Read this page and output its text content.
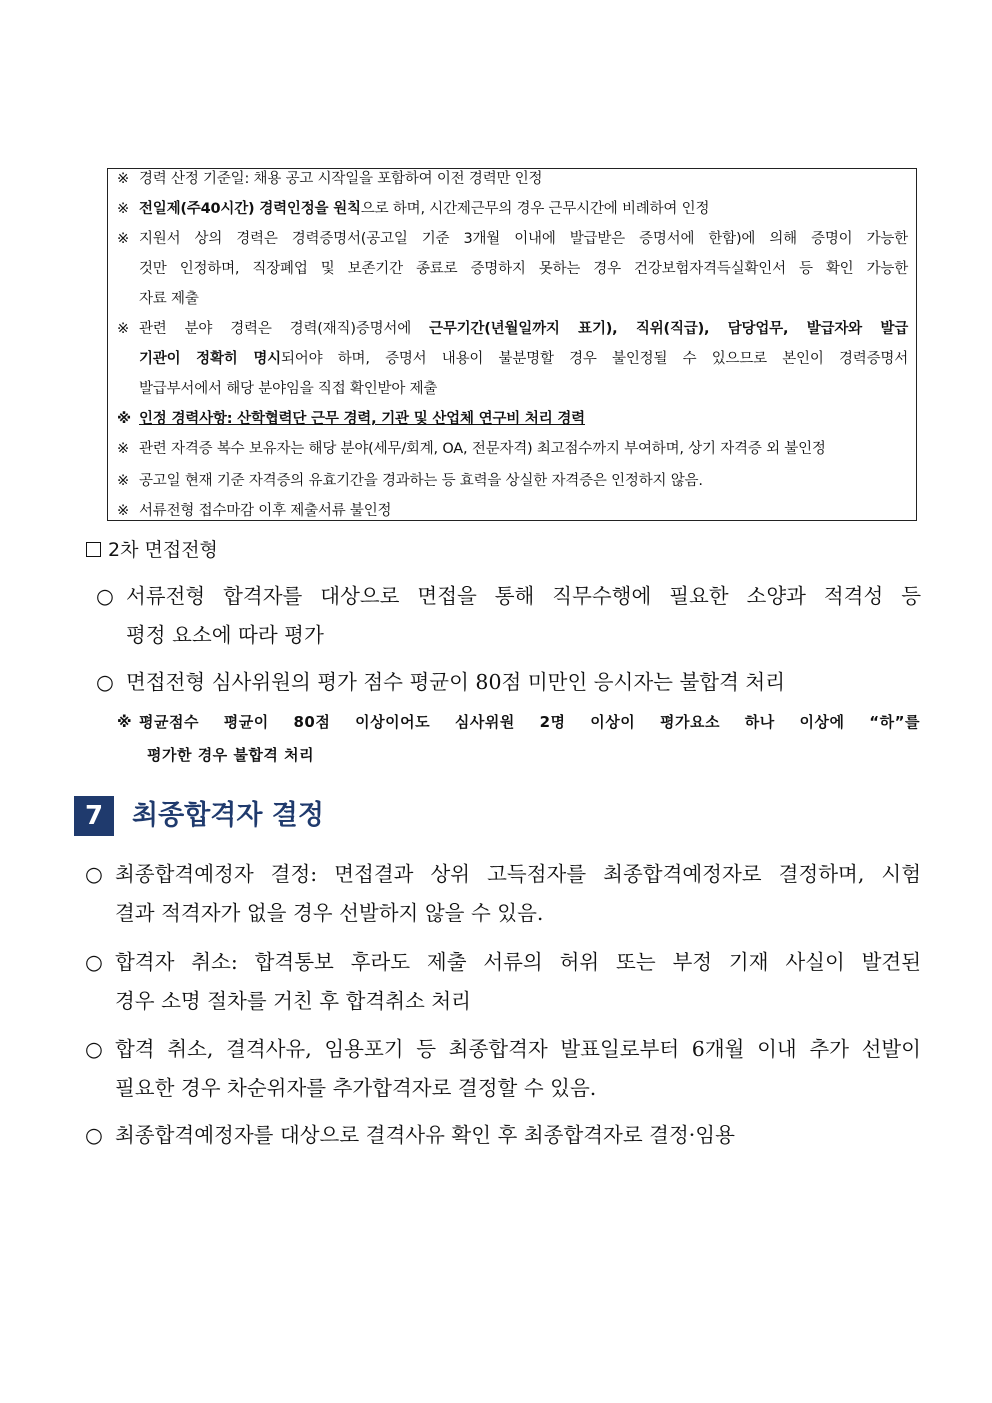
※ 경력 산정 기준일: 채용 공고 시작일을 포함하여 이전 경력만 인정
※ 전일제(주40시간) 경력인정을 원칙으로 하며, 시간제근무의 경우 근무시간에 비례하여 인정
※ 지원서 상의 경력은 경력증명서(공고일 기준 3개월 이내에 발급받은 증명서에 한함)에 의해 증명이 가능한
것만 인정하며, 직장폐업 및 보존기간 종료로 증명하지 못하는 경우 건강보험자격득실확인서 등 확인 가능한
자료 제출
※ 관련 분야 경력은 경력(재직)증명서에 근무기간(년월일까지 표기), 직위(직급), 담당업무, 발급자와 발급
기관이 정확히 명시되어야 하며, 증명서 내용이 불분명할 경우 불인정될 수 있으므로 본인이 경력증명서
발급부서에서 해당 분야임을 직접 확인받아 제출
※ 인정 경력사항: 산학협력단 근무 경력, 기관 및 산업체 연구비 처리 경력
※ 관련 자격증 복수 보유자는 해당 분야(세무/회계, OA, 전문자격) 최고점수까지 부여하며, 상기 자격증 외 불인정
※ 공고일 현재 기준 자격증의 유효기간을 경과하는 등 효력을 상실한 자격증은 인정하지 않음.
※ 서류전형 접수마감 이후 제출서류 불인정
2차 면접전형
○ 서류전형 합격자를 대상으로 면접을 통해 직무수행에 필요한 소양과 적격성 등
평정 요소에 따라 평가
○ 면접전형 심사위원의 평가 점수 평균이 80점 미만인 응시자는 불합격 처리
※ 평균점수 평균이 80점 이상이어도 심사위원 2명 이상이 평가요소 하나 이상에 “하”를
평가한 경우 불합격 처리
7	최종합격자 결정
○ 최종합격예정자 결정: 면접결과 상위 고득점자를 최종합격예정자로 결정하며, 시험
결과 적격자가 없을 경우 선발하지 않을 수 있음.
○ 합격자 취소: 합격통보 후라도 제출 서류의 허위 또는 부정 기재 사실이 발견된
경우 소명 절차를 거친 후 합격취소 처리
○ 합격 취소, 결격사유, 임용포기 등 최종합격자 발표일로부터 6개월 이내 추가 선발이
필요한 경우 차순위자를 추가합격자로 결정할 수 있음.
○ 최종합격예정자를 대상으로 결격사유 확인 후 최종합격자로 결정·임용
